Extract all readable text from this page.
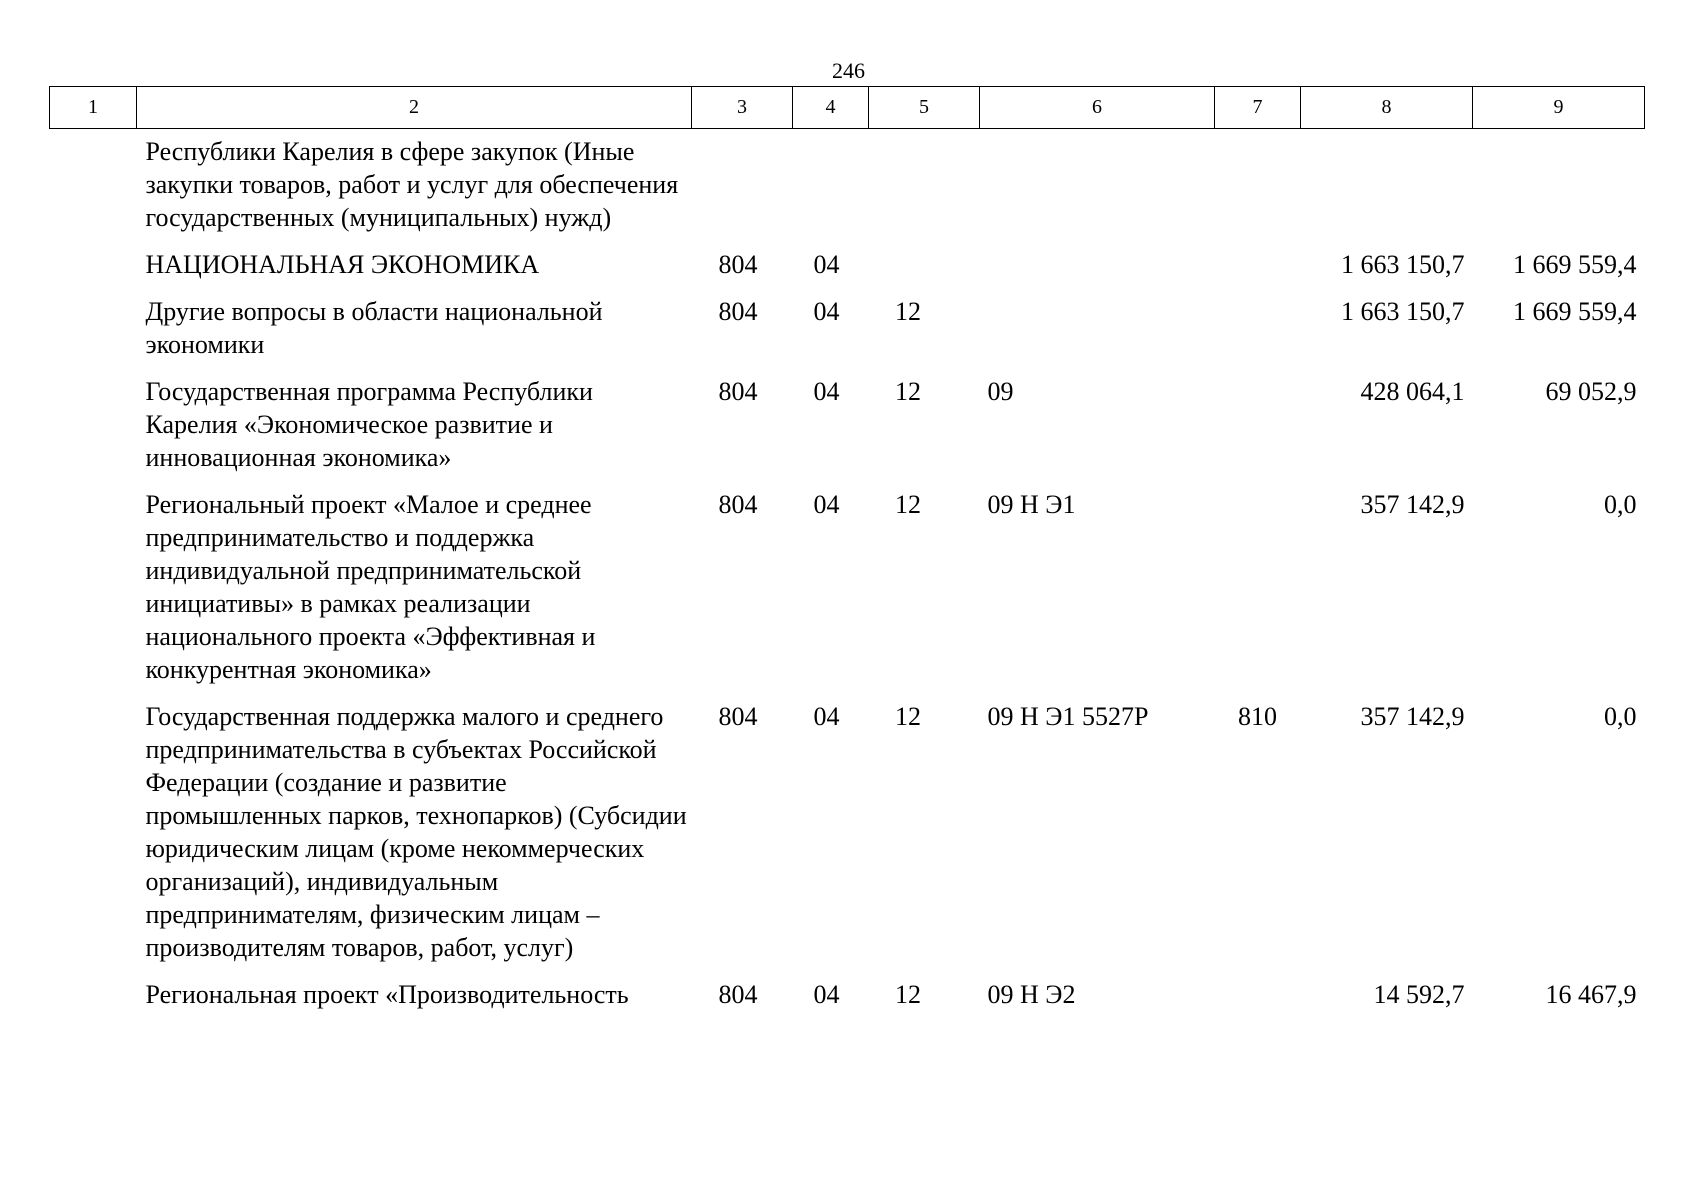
246
1	2	3	4	5	6	7	8	9
	Республики Карелия в сфере закупок (Иные закупки товаров, работ и услуг для обеспечения государственных (муниципальных) нужд)							
	НАЦИОНАЛЬНАЯ ЭКОНОМИКА	804	04				1 663 150,7	1 669 559,4
	Другие вопросы в области национальной экономики	804	04	12			1 663 150,7	1 669 559,4
	Государственная программа Республики Карелия «Экономическое развитие и инновационная экономика»	804	04	12	09		428 064,1	69 052,9
	Региональный проект «Малое и среднее предпринимательство и поддержка индивидуальной предпринимательской инициативы» в рамках реализации национального проекта «Эффективная и конкурентная экономика»	804	04	12	09 Н Э1		357 142,9	0,0
	Государственная поддержка малого и среднего предпринимательства в субъектах Российской Федерации (создание и развитие промышленных парков, технопарков) (Субсидии юридическим лицам (кроме некоммерческих организаций), индивидуальным предпринимателям, физическим лицам – производителям товаров, работ, услуг)	804	04	12	09 Н Э1 5527Р	810	357 142,9	0,0
	Региональная проект «Производительность	804	04	12	09 Н Э2		14 592,7	16 467,9
